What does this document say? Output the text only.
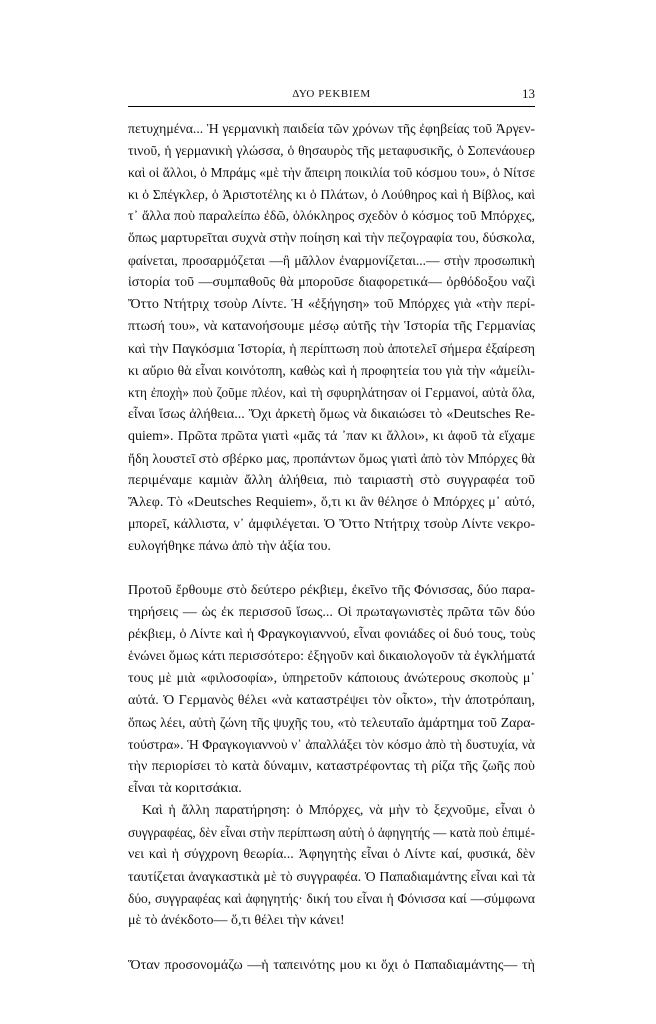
ΔΥΟ ΡΕΚΒΙΕΜ	13
πετυχημένα... Ἡ γερμανικὴ παιδεία τῶν χρόνων τῆς ἐφηβείας τοῦ Ἀργεν-
τινοῦ, ἡ γερμανικὴ γλώσσα, ὁ θησαυρὸς τῆς μεταφυσικῆς, ὁ Σοπενάουερ
καὶ οἱ ἄλλοι, ὁ Μπράμς «μὲ τὴν ἄπειρη ποικιλία τοῦ κόσμου του», ὁ Νίτσε
κι ὁ Σπέγκλερ, ὁ Ἀριστοτέλης κι ὁ Πλάτων, ὁ Λούθηρος καὶ ἡ Βίβλος, καὶ
τ᾽ ἄλλα ποὺ παραλείπω ἐδῶ, ὁλόκληρος σχεδὸν ὁ κόσμος τοῦ Μπόρχες,
ὅπως μαρτυρεῖται συχνὰ στὴν ποίηση καὶ τὴν πεζογραφία του, δύσκολα,
φαίνεται, προσαρμόζεται —ἢ μᾶλλον ἐναρμονίζεται...— στὴν προσωπικὴ
ἱστορία τοῦ —συμπαθοῦς θὰ μποροῦσε διαφορετικά— ὀρθόδοξου ναζὶ
Ὄττο Ντήτριχ τσοὺρ Λίντε. Ἡ «ἐξήγηση» τοῦ Μπόρχες γιὰ «τὴν περί-
πτωσή του», νὰ κατανοήσουμε μέσῳ αὐτῆς τὴν Ἱστορία τῆς Γερμανίας
καὶ τὴν Παγκόσμια Ἱστορία, ἡ περίπτωση ποὺ ἀποτελεῖ σήμερα ἐξαίρεση
κι αὔριο θὰ εἶναι κοινότοπη, καθὼς καὶ ἡ προφητεία του γιὰ τὴν «ἀμείλι-
κτη ἐποχὴ» ποὺ ζοῦμε πλέον, καὶ τὴ σφυρηλάτησαν οἱ Γερμανοί, αὐτὰ ὅλα,
εἶναι ἴσως ἀλήθεια... Ὄχι ἀρκετὴ ὅμως νὰ δικαιώσει τὸ «Deutsches Re-
quiem». Πρῶτα πρῶτα γιατὶ «μᾶς τά ᾽παν κι ἄλλοι», κι ἀφοῦ τὰ εἴχαμε
ἤδη λουστεῖ στὸ σβέρκο μας, προπάντων ὅμως γιατὶ ἀπὸ τὸν Μπόρχες θὰ
περιμέναμε καμιὰν ἄλλη ἀλήθεια, πιὸ ταιριαστὴ στὸ συγγραφέα τοῦ
Ἄλεφ. Τὸ «Deutsches Requiem», ὅ,τι κι ἂν θέλησε ὁ Μπόρχες μ᾽ αὐτό,
μπορεῖ, κάλλιστα, ν᾽ ἀμφιλέγεται. Ὁ Ὄττο Ντήτριχ τσοὺρ Λίντε νεκρο-
ευλογήθηκε πάνω ἀπὸ τὴν ἀξία του.
Προτοῦ ἔρθουμε στὸ δεύτερο ρέκβιεμ, ἐκεῖνο τῆς Φόνισσας, δύο παρα-
τηρήσεις — ὡς ἐκ περισσοῦ ἴσως... Οἱ πρωταγωνιστὲς πρῶτα τῶν δύο
ρέκβιεμ, ὁ Λίντε καὶ ἡ Φραγκογιαννού, εἶναι φονιάδες οἱ δυό τους, τοὺς
ἑνώνει ὅμως κάτι περισσότερο: ἐξηγοῦν καὶ δικαιολογοῦν τὰ ἐγκλήματά
τους μὲ μιὰ «φιλοσοφία», ὑπηρετοῦν κάποιους ἀνώτερους σκοποὺς μ᾽
αὐτά. Ὁ Γερμανὸς θέλει «νὰ καταστρέψει τὸν οἶκτο», τὴν ἀποτρόπαιη,
ὅπως λέει, αὐτὴ ζώνη τῆς ψυχῆς του, «τὸ τελευταῖο ἁμάρτημα τοῦ Ζαρα-
τούστρα». Ἡ Φραγκογιαννοὺ ν᾽ ἀπαλλάξει τὸν κόσμο ἀπὸ τὴ δυστυχία, νὰ
τὴν περιορίσει τὸ κατὰ δύναμιν, καταστρέφοντας τὴ ρίζα τῆς ζωῆς ποὺ
εἶναι τὰ κοριτσάκια.
Καὶ ἡ ἄλλη παρατήρηση: ὁ Μπόρχες, νὰ μὴν τὸ ξεχνοῦμε, εἶναι ὁ
συγγραφέας, δὲν εἶναι στὴν περίπτωση αὐτὴ ὁ ἀφηγητής — κατὰ ποὺ ἐπιμέ-
νει καὶ ἡ σύγχρονη θεωρία... Ἀφηγητὴς εἶναι ὁ Λίντε καί, φυσικά, δὲν
ταυτίζεται ἀναγκαστικὰ μὲ τὸ συγγραφέα. Ὁ Παπαδιαμάντης εἶναι καὶ τὰ
δύο, συγγραφέας καὶ ἀφηγητής· δική του εἶναι ἡ Φόνισσα καί —σύμφωνα
μὲ τὸ ἀνέκδοτο— ὅ,τι θέλει τὴν κάνει!
Ὅταν προσονομάζω —ἡ ταπεινότης μου κι ὄχι ὁ Παπαδιαμάντης— τὴ
